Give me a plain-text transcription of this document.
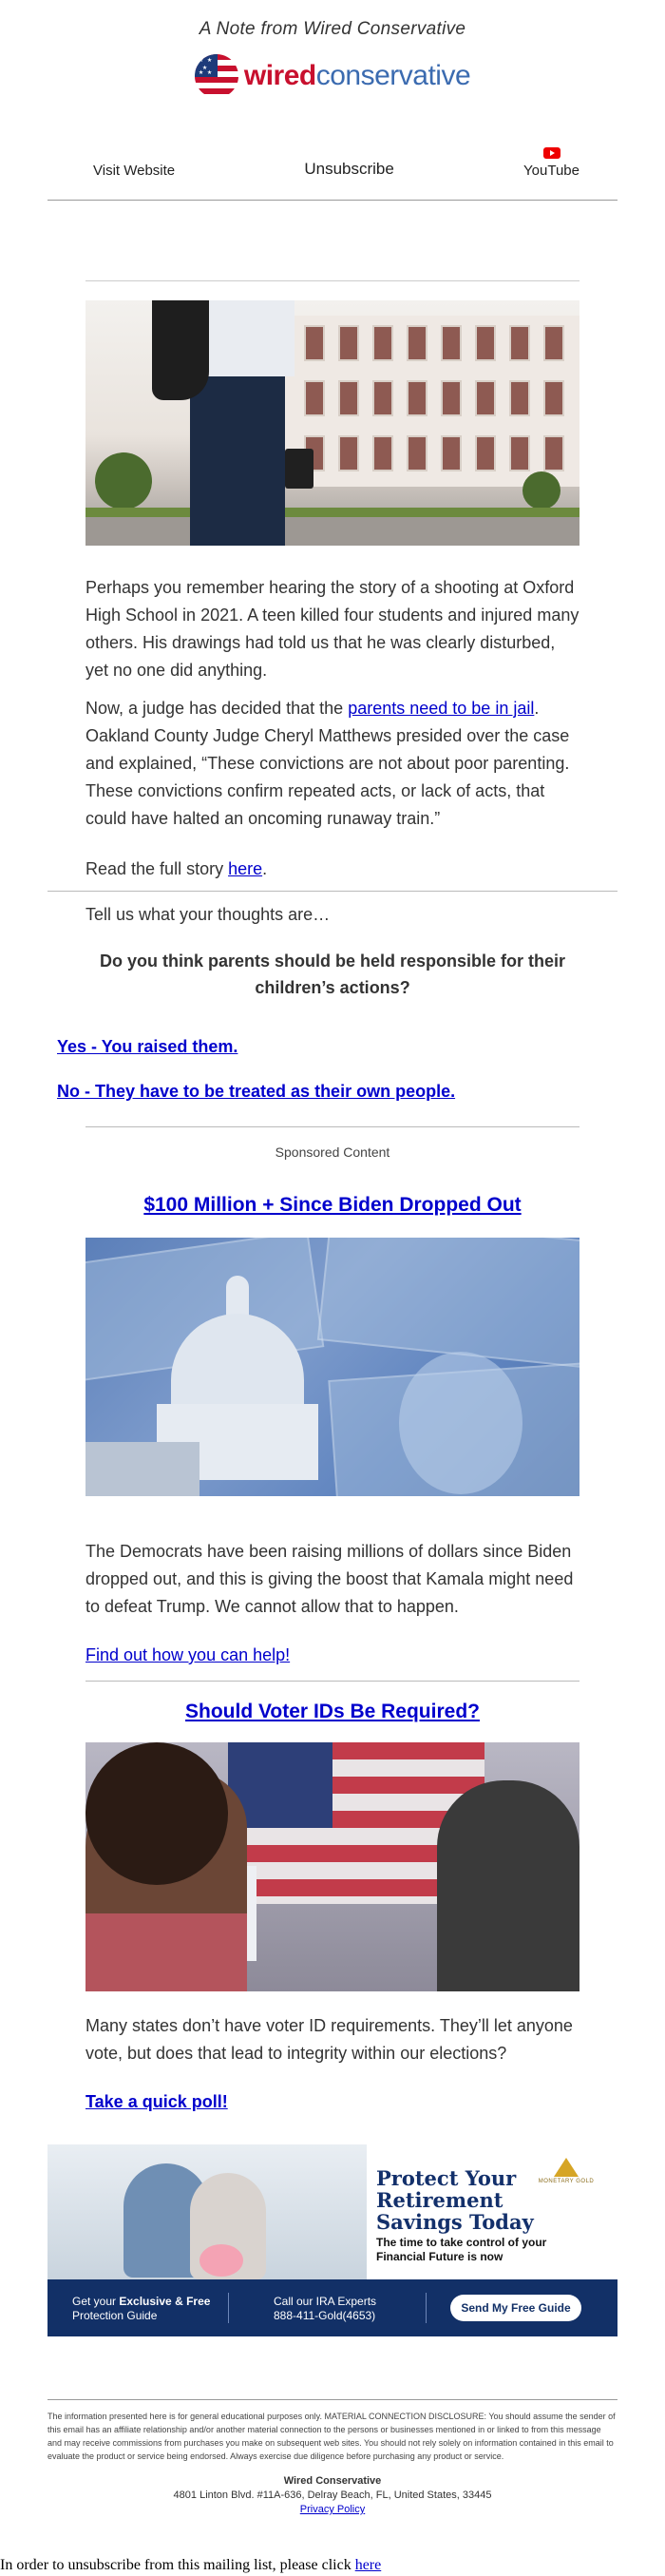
A Note from Wired Conservative
★ ★
★
★ ★ wired conservative
Visit Website	Unsubscribe	YouTube

Perhaps you remember hearing the story of a shooting at Oxford High School in 2021. A teen killed four students and injured many others. His drawings had told us that he was clearly disturbed, yet no one did anything.

Now, a judge has decided that the parents need to be in jail. Oakland County Judge Cheryl Matthews presided over the case and explained, “These convictions are not about poor parenting. These convictions confirm repeated acts, or lack of acts, that could have halted an oncoming runaway train.”

Read the full story here.

Tell us what your thoughts are…

Do you think parents should be held responsible for their children’s actions?
Yes - You raised them.
No - They have to be treated as their own people.
Sponsored Content
$100 Million + Since Biden Dropped Out

The Democrats have been raising millions of dollars since Biden dropped out, and this is giving the boost that Kamala might need to defeat Trump. We cannot allow that to happen.

Find out how you can help!

Should Voter IDs Be Required?

Many states don’t have voter ID requirements. They’ll let anyone vote, but does that lead to integrity within our elections?

Take a quick poll!

MONETARY GOLD
Protect Your
Retirement
Savings Today
The time to take control of your
Financial Future is now
Get your Exclusive & Free
Protection Guide
Call our IRA Experts
888-411-Gold(4653)
Send My Free Guide

The information presented here is for general educational purposes only. MATERIAL CONNECTION DISCLOSURE: You should assume the sender of this email has an affiliate relationship and/or another material connection to the persons or businesses mentioned in or linked to from this message and may receive commissions from purchases you make on subsequent web sites. You should not rely solely on information contained in this email to evaluate the product or service being endorsed. Always exercise due diligence before purchasing any product or service.

Wired Conservative
4801 Linton Blvd. #11A-636, Delray Beach, FL, United States, 33445
Privacy Policy
In order to unsubscribe from this mailing list, please click here
